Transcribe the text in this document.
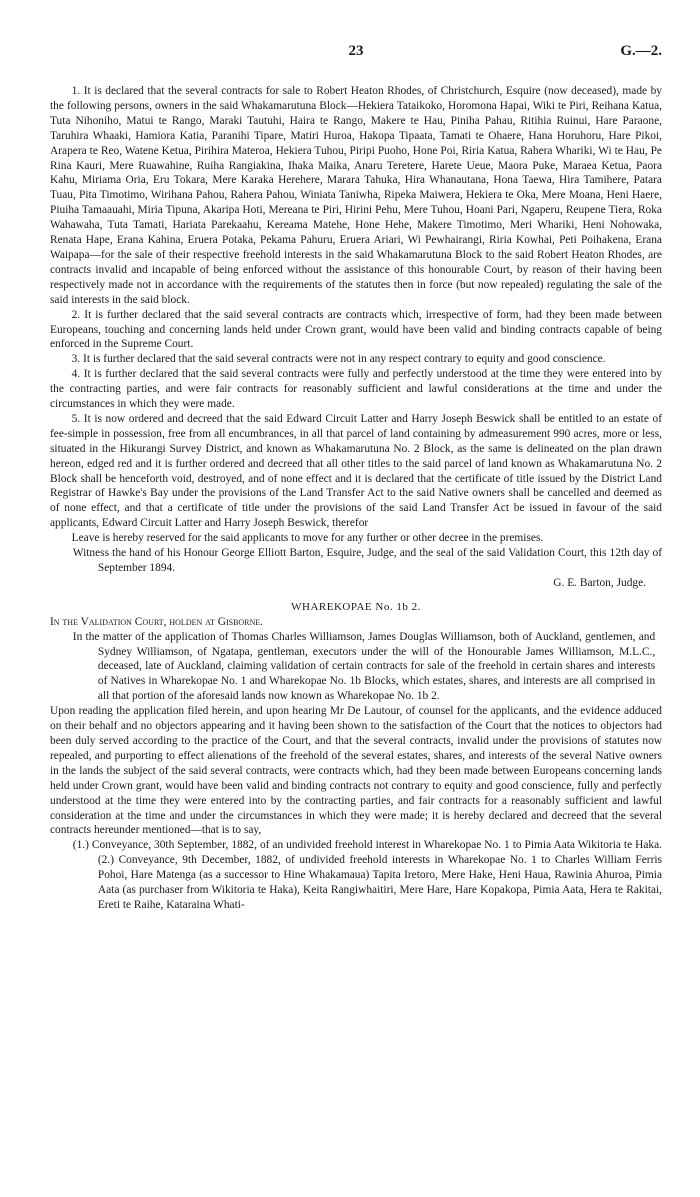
23	G.—2.

1. It is declared that the several contracts for sale to Robert Heaton Rhodes, of Christchurch, Esquire (now deceased), made by the following persons, owners in the said Whakamarutuna Block—Hekiera Tataikoko, Horomona Hapai, Wiki te Piri, Reihana Katua, Tuta Nihoniho, Matui te Rango, Maraki Tautuhi, Haira te Rango, Makere te Hau, Piniha Pahau, Ritihia Ruinui, Hare Paraone, Taruhira Whaaki, Hamiora Katia, Paranihi Tipare, Matiri Huroa, Hakopa Tipaata, Tamati te Ohaere, Hana Horuhoru, Hare Pikoi, Arapera te Reo, Watene Ketua, Pirihira Materoa, Hekiera Tuhou, Piripi Puoho, Hone Poi, Riria Katua, Rahera Whariki, Wi te Hau, Pe Rina Kauri, Mere Ruawahine, Ruiha Rangiakina, Ihaka Maika, Anaru Teretere, Harete Ueue, Maora Puke, Maraea Ketua, Paora Kahu, Miriama Oria, Eru Tokara, Mere Karaka Herehere, Marara Tahuka, Hira Whanautana, Hona Taewa, Hira Tamihere, Patara Tuau, Pita Timotimo, Wirihana Pahou, Rahera Pahou, Winiata Taniwha, Ripeka Maiwera, Hekiera te Oka, Mere Moana, Heni Haere, Piuiha Tamaauahi, Miria Tipuna, Akaripa Hoti, Mereana te Piri, Hirini Pehu, Mere Tuhou, Hoani Pari, Ngaperu, Reupene Tiera, Roka Wahawaha, Tuta Tamati, Hariata Parekaahu, Kereama Matehe, Hone Hehe, Makere Timotimo, Meri Whariki, Heni Nohowaka, Renata Hape, Erana Kahina, Eruera Potaka, Pekama Pahuru, Eruera Ariari, Wi Pewhairangi, Riria Kowhai, Peti Poihakena, Erana Waipapa—for the sale of their respective freehold interests in the said Whakamarutuna Block to the said Robert Heaton Rhodes, are contracts invalid and incapable of being enforced without the assistance of this honourable Court, by reason of their having been respectively made not in accordance with the requirements of the statutes then in force (but now repealed) regulating the sale of the said interests in the said block.

2. It is further declared that the said several contracts are contracts which, irrespective of form, had they been made between Europeans, touching and concerning lands held under Crown grant, would have been valid and binding contracts capable of being enforced in the Supreme Court.

3. It is further declared that the said several contracts were not in any respect contrary to equity and good conscience.

4. It is further declared that the said several contracts were fully and perfectly understood at the time they were entered into by the contracting parties, and were fair contracts for reasonably sufficient and lawful considerations at the time and under the circumstances in which they were made.

5. It is now ordered and decreed that the said Edward Circuit Latter and Harry Joseph Beswick shall be entitled to an estate of fee-simple in possession, free from all encumbrances, in all that parcel of land containing by admeasurement 990 acres, more or less, situated in the Hikurangi Survey District, and known as Whakamarutuna No. 2 Block, as the same is delineated on the plan drawn hereon, edged red and it is further ordered and decreed that all other titles to the said parcel of land known as Whakamarutuna No. 2 Block shall be henceforth void, destroyed, and of none effect and it is declared that the certificate of title issued by the District Land Registrar of Hawke's Bay under the provisions of the Land Transfer Act to the said Native owners shall be cancelled and deemed as of none effect, and that a certificate of title under the provisions of the said Land Transfer Act be issued in favour of the said applicants, Edward Circuit Latter and Harry Joseph Beswick, therefor

Leave is hereby reserved for the said applicants to move for any further or other decree in the premises.

Witness the hand of his Honour George Elliott Barton, Esquire, Judge, and the seal of the said Validation Court, this 12th day of September 1894.

G. E. Barton, Judge.

WHAREKOPAE No. 1b 2.

In the Validation Court, holden at Gisborne.

In the matter of the application of Thomas Charles Williamson, James Douglas Williamson, both of Auckland, gentlemen, and Sydney Williamson, of Ngatapa, gentleman, executors under the will of the Honourable James Williamson, M.L.C., deceased, late of Auckland, claiming validation of certain contracts for sale of the freehold in certain shares and interests of Natives in Wharekopae No. 1 and Wharekopae No. 1b Blocks, which estates, shares, and interests are all comprised in all that portion of the aforesaid lands now known as Wharekopae No. 1b 2.

Upon reading the application filed herein, and upon hearing Mr De Lautour, of counsel for the applicants, and the evidence adduced on their behalf and no objectors appearing and it having been shown to the satisfaction of the Court that the notices to objectors had been duly served according to the practice of the Court, and that the several contracts, invalid under the provisions of statutes now repealed, and purporting to effect alienations of the freehold of the several estates, shares, and interests of the several Native owners in the lands the subject of the said several contracts, were contracts which, had they been made between Europeans concerning lands held under Crown grant, would have been valid and binding contracts not contrary to equity and good conscience, fully and perfectly understood at the time they were entered into by the contracting parties, and fair contracts for a reasonably sufficient and lawful consideration at the time and under the circumstances in which they were made; it is hereby declared and decreed that the several contracts hereunder mentioned—that is to say,

(1.) Conveyance, 30th September, 1882, of an undivided freehold interest in Wharekopae No. 1 to Pimia Aata Wikitoria te Haka. (2.) Conveyance, 9th December, 1882, of undivided freehold interests in Wharekopae No. 1 to Charles William Ferris Pohoi, Hare Matenga (as a successor to Hine Whakamaua) Tapita Iretoro, Mere Hake, Heni Haua, Rawinia Ahuroa, Pimia Aata (as purchaser from Wikitoria te Haka), Keita Rangiwhaitiri, Mere Hare, Hare Kopakopa, Pimia Aata, Hera te Rakitai, Ereti te Raihe, Kataraina Whati-
